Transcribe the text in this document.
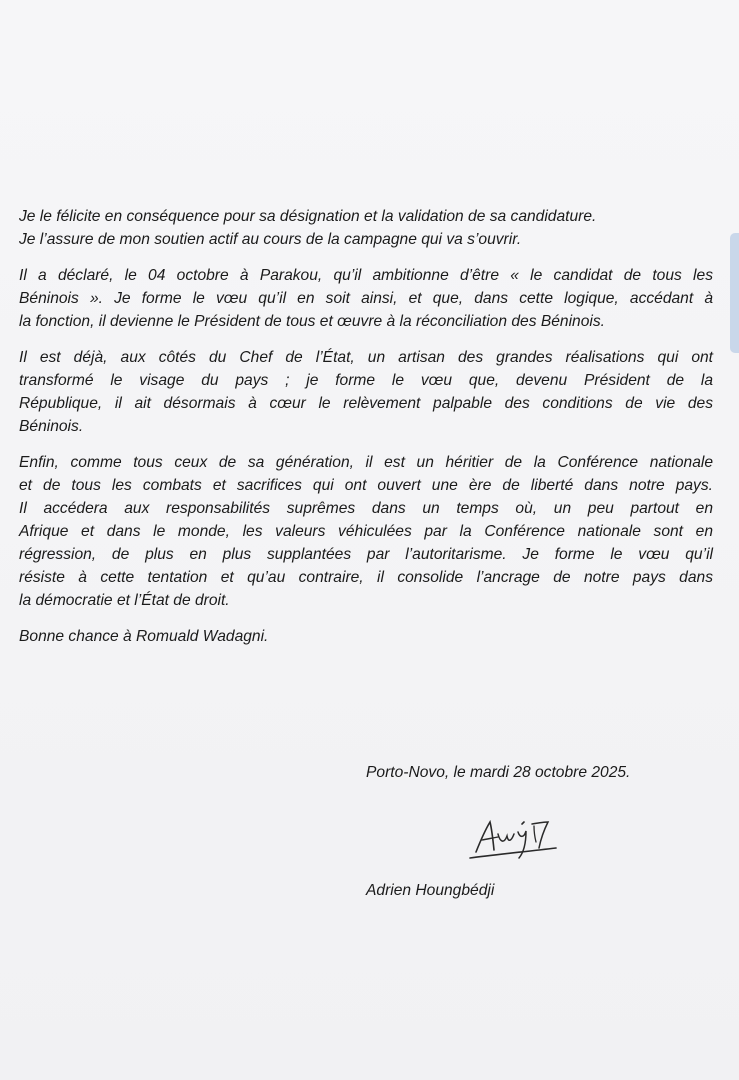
Je le félicite en conséquence pour sa désignation et la validation de sa candidature.
Je l’assure de mon soutien actif au cours de la campagne qui va s’ouvrir.

Il a déclaré, le 04 octobre à Parakou, qu’il ambitionne d’être « le candidat de tous les
Béninois ». Je forme le vœu qu’il en soit ainsi, et que, dans cette logique, accédant à
la fonction, il devienne le Président de tous et œuvre à la réconciliation des Béninois.

Il est déjà, aux côtés du Chef de l’État, un artisan des grandes réalisations qui ont
transformé le visage du pays ; je forme le vœu que, devenu Président de la
République, il ait désormais à cœur le relèvement palpable des conditions de vie des
Béninois.

Enfin, comme tous ceux de sa génération, il est un héritier de la Conférence nationale
et de tous les combats et sacrifices qui ont ouvert une ère de liberté dans notre pays.
Il accédera aux responsabilités suprêmes dans un temps où, un peu partout en
Afrique et dans le monde, les valeurs véhiculées par la Conférence nationale sont en
régression, de plus en plus supplantées par l’autoritarisme. Je forme le vœu qu’il
résiste à cette tentation et qu’au contraire, il consolide l’ancrage de notre pays dans
la démocratie et l’État de droit.

Bonne chance à Romuald Wadagni.

Porto-Novo, le mardi 28 octobre 2025.
Adrien Houngbédji
